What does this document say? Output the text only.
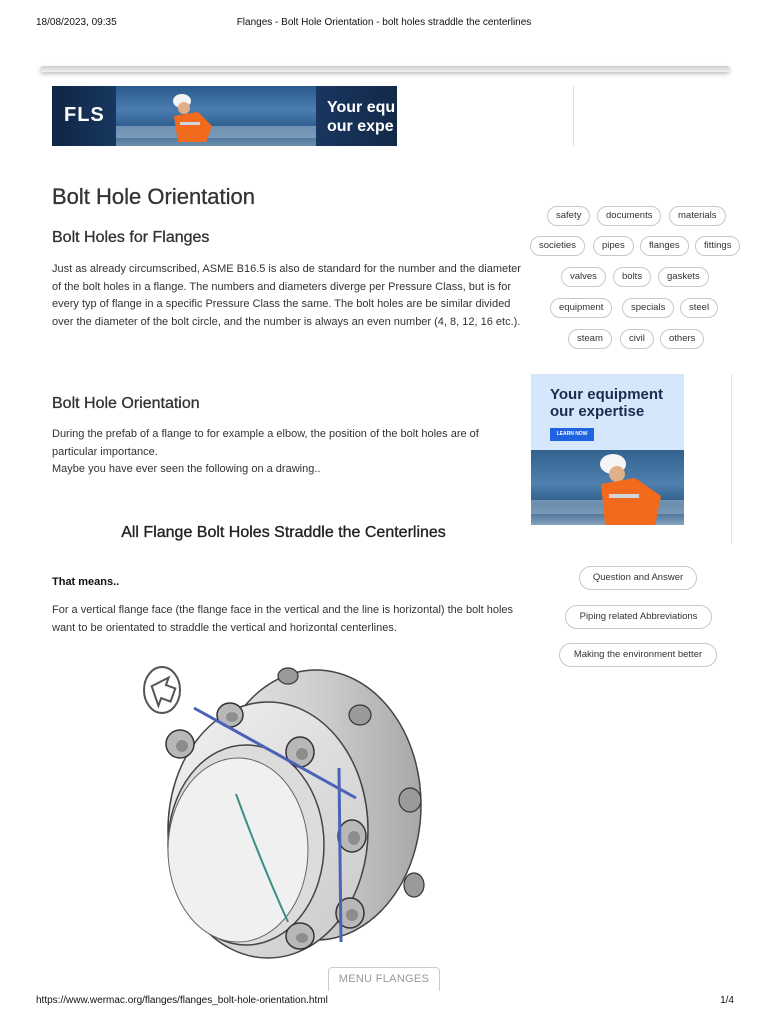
18/08/2023, 09:35	Flanges - Bolt Hole Orientation - bolt holes straddle the centerlines
FLS	Your equ
our expe
Bolt Hole Orientation
Bolt Holes for Flanges

Just as already circumscribed, ASME B16.5 is also de standard for the number and the diameter of the bolt holes in a flange. The numbers and diameters diverge per Pressure Class, but is for every typ of flange in a specific Pressure Class the same. The bolt holes are be similar divided over the diameter of the bolt circle, and the number is always an even number (4, 8, 12, 16 etc.).

Bolt Hole Orientation

During the prefab of a flange to for example a elbow, the position of the bolt holes are of particular importance.

Maybe you have ever seen the following on a drawing..

All Flange Bolt Holes Straddle the Centerlines
That means..

For a vertical flange face (the flange face in the vertical and the line is horizontal) the bolt holes want to be orientated to straddle the vertical and horizontal centerlines.

safety	documents	materials
societies	pipes	flanges	fittings
valves	bolts	gaskets
equipment	specials	steel
steam	civil	others
Your equipment
our expertise
LEARN NOW
Question and Answer
Piping related Abbreviations
Making the environment better
MENU FLANGES
https://www.wermac.org/flanges/flanges_bolt-hole-orientation.html	1/4
